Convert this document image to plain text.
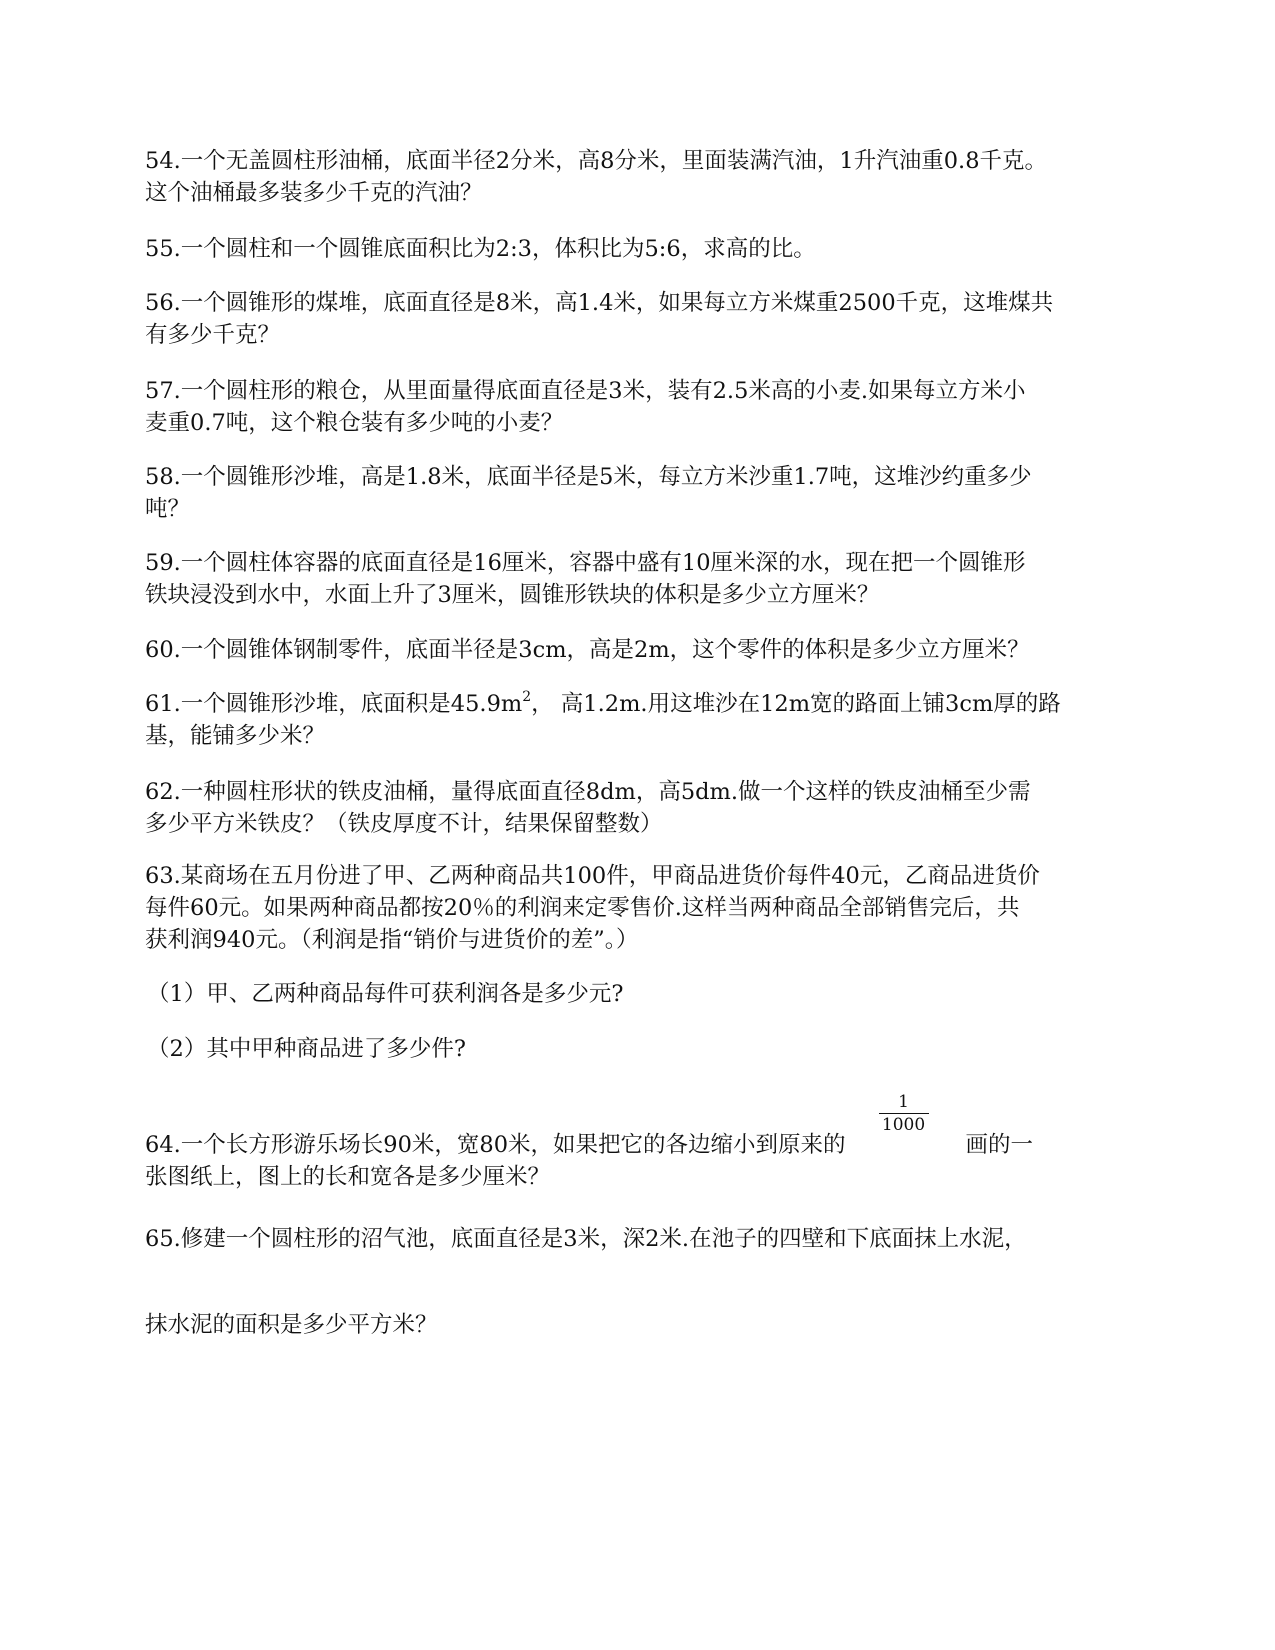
54.一个无盖圆柱形油桶，底面半径2分米，高8分米，里面装满汽油，1升汽油重0.8千克。
这个油桶最多装多少千克的汽油？
55.一个圆柱和一个圆锥底面积比为2:3，体积比为5:6，求高的比。
56.一个圆锥形的煤堆，底面直径是8米，高1.4米，如果每立方米煤重2500千克，这堆煤共
有多少千克？
57.一个圆柱形的粮仓，从里面量得底面直径是3米，装有2.5米高的小麦.如果每立方米小
麦重0.7吨，这个粮仓装有多少吨的小麦？
58.一个圆锥形沙堆，高是1.8米，底面半径是5米，每立方米沙重1.7吨，这堆沙约重多少
吨？
59.一个圆柱体容器的底面直径是16厘米，容器中盛有10厘米深的水，现在把一个圆锥形
铁块浸没到水中，水面上升了3厘米，圆锥形铁块的体积是多少立方厘米？
60.一个圆锥体钢制零件，底面半径是3cm，高是2m，这个零件的体积是多少立方厘米？
61.一个圆锥形沙堆，底面积是$45.9m^2$， 高1.2m.用这堆沙在12m宽的路面上铺3cm厚的路
基，能铺多少米？
62.一种圆柱形状的铁皮油桶，量得底面直径8dm，高5dm.做一个这样的铁皮油桶至少需
多少平方米铁皮？（铁皮厚度不计，结果保留整数）
63.某商场在五月份进了甲、乙两种商品共100件，甲商品进货价每件40元，乙商品进货价
每件60元。如果两种商品都按20％的利润来定零售价.这样当两种商品全部销售完后，共
获利润940元。（利润是指“销价与进货价的差”。）
（1）甲、乙两种商品每件可获利润各是多少元?
（2）其中甲种商品进了多少件?
64.一个长方形游乐场长90米，宽80米，如果把它的各边缩小到原来的
$\frac{1}{1000}$
画的一
张图纸上，图上的长和宽各是多少厘米？
65.修建一个圆柱形的沼气池，底面直径是3米，深2米.在池子的四壁和下底面抹上水泥，
抹水泥的面积是多少平方米？
